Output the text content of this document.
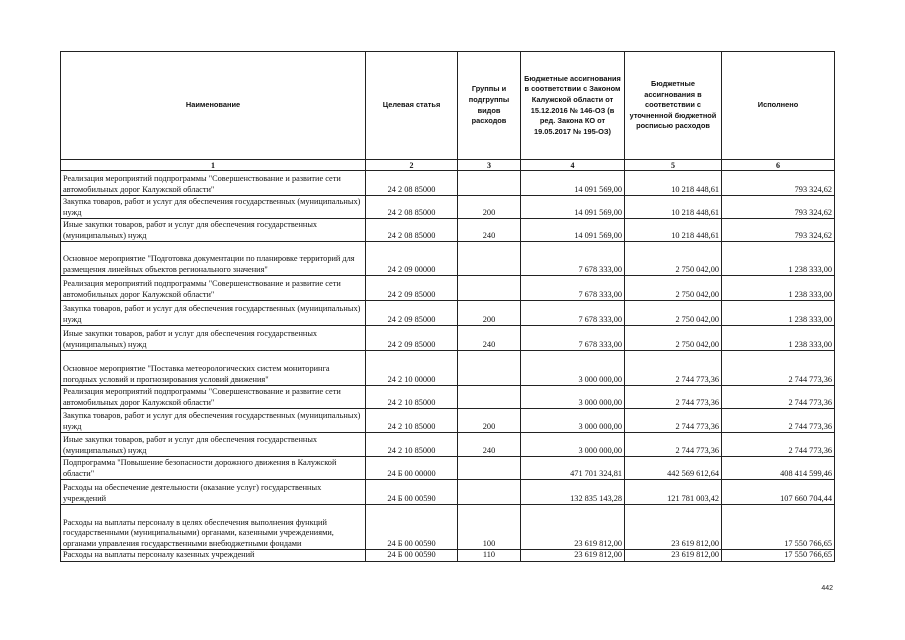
Наименование	Целевая статья	Группы и подгруппы видов расходов	Бюджетные ассигнования в соответствии с Законом Калужской области от 15.12.2016 № 146-ОЗ (в ред. Закона КО от 19.05.2017 № 195-ОЗ)	Бюджетные ассигнования в соответствии с уточненной бюджетной росписью расходов	Исполнено
1	2	3	4	5	6
Реализация мероприятий подпрограммы "Совершенствование и развитие сети автомобильных дорог Калужской области"	24 2 08 85000		14 091 569,00	10 218 448,61	793 324,62
Закупка товаров, работ и услуг для обеспечения государственных (муниципальных) нужд	24 2 08 85000	200	14 091 569,00	10 218 448,61	793 324,62
Иные закупки товаров, работ и услуг для обеспечения государственных (муниципальных) нужд	24 2 08 85000	240	14 091 569,00	10 218 448,61	793 324,62
Основное мероприятие "Подготовка документации по планировке территорий для размещения линейных объектов регионального значения"	24 2 09 00000		7 678 333,00	2 750 042,00	1 238 333,00
Реализация мероприятий подпрограммы "Совершенствование и развитие сети автомобильных дорог Калужской области"	24 2 09 85000		7 678 333,00	2 750 042,00	1 238 333,00
Закупка товаров, работ и услуг для обеспечения государственных (муниципальных) нужд	24 2 09 85000	200	7 678 333,00	2 750 042,00	1 238 333,00
Иные закупки товаров, работ и услуг для обеспечения государственных (муниципальных) нужд	24 2 09 85000	240	7 678 333,00	2 750 042,00	1 238 333,00
Основное мероприятие "Поставка метеорологических систем мониторинга погодных условий и прогнозирования условий движения"	24 2 10 00000		3 000 000,00	2 744 773,36	2 744 773,36
Реализация мероприятий подпрограммы "Совершенствование и развитие сети автомобильных дорог Калужской области"	24 2 10 85000		3 000 000,00	2 744 773,36	2 744 773,36
Закупка товаров, работ и услуг для обеспечения государственных (муниципальных) нужд	24 2 10 85000	200	3 000 000,00	2 744 773,36	2 744 773,36
Иные закупки товаров, работ и услуг для обеспечения государственных (муниципальных) нужд	24 2 10 85000	240	3 000 000,00	2 744 773,36	2 744 773,36
Подпрограмма "Повышение безопасности дорожного движения в Калужской области"	24 Б 00 00000		471 701 324,81	442 569 612,64	408 414 599,46
Расходы на обеспечение деятельности (оказание услуг) государственных учреждений	24 Б 00 00590		132 835 143,28	121 781 003,42	107 660 704,44
Расходы на выплаты персоналу в целях обеспечения выполнения функций государственными (муниципальными) органами, казенными учреждениями, органами управления государственными внебюджетными фондами	24 Б 00 00590	100	23 619 812,00	23 619 812,00	17 550 766,65
Расходы на выплаты персоналу казенных учреждений	24 Б 00 00590	110	23 619 812,00	23 619 812,00	17 550 766,65
442
